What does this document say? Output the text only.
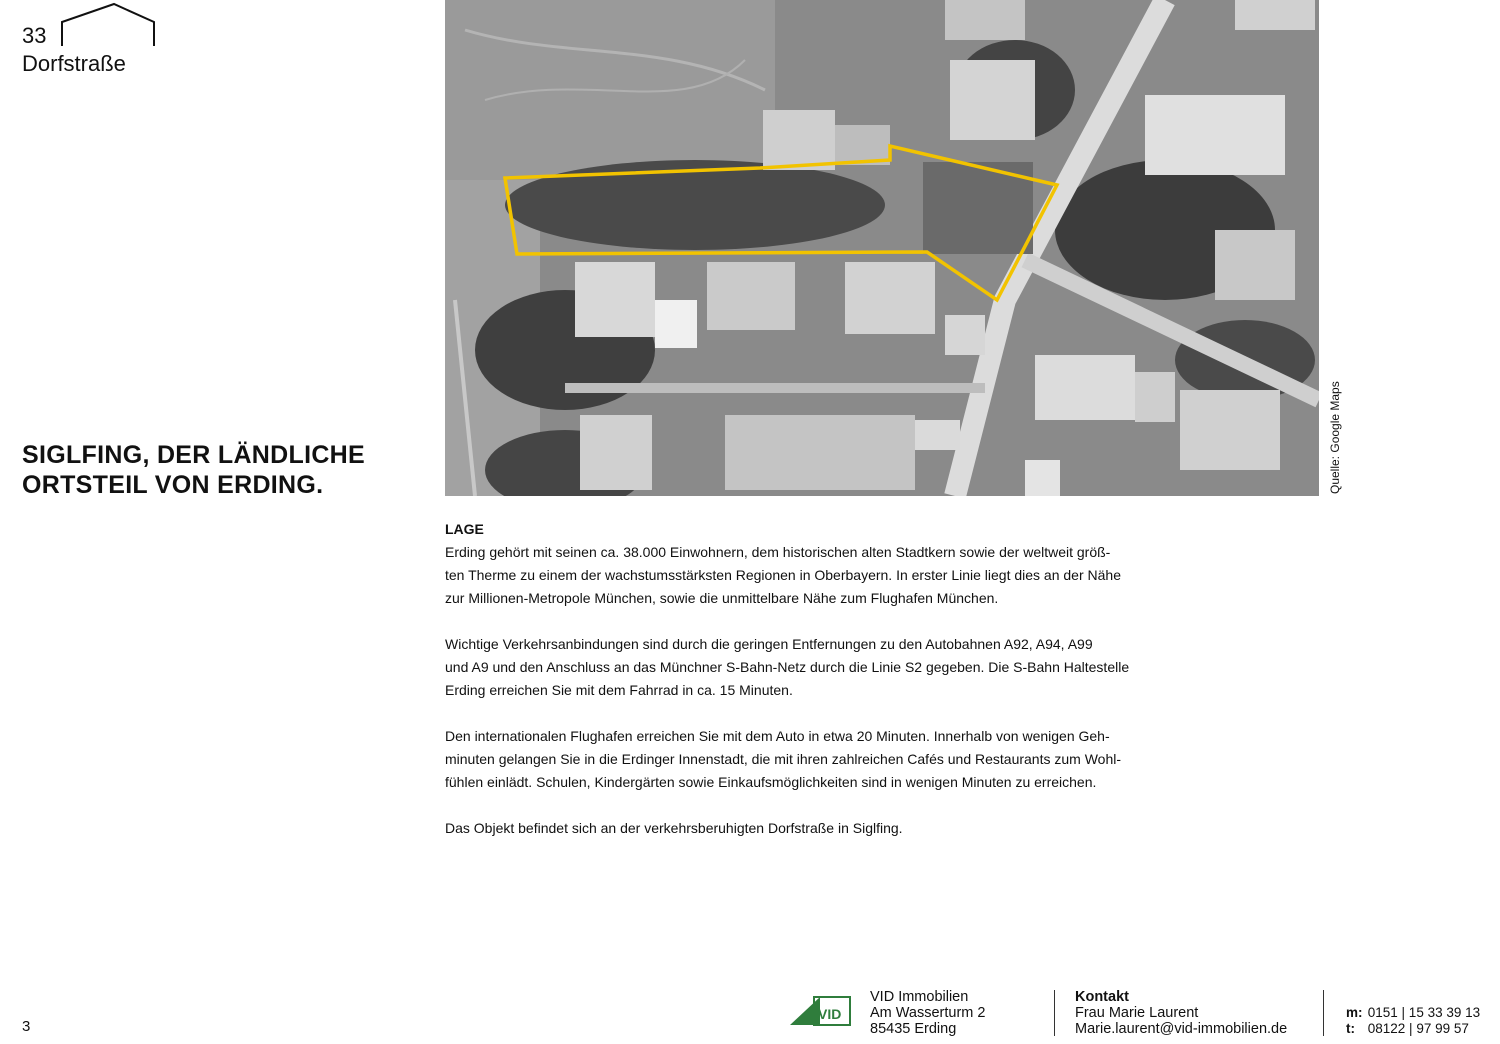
33
Dorfstraße
SIGLFING, DER LÄNDLICHE
ORTSTEIL VON ERDING.	Quelle: Google Maps
LAGE

Erding gehört mit seinen ca. 38.000 Einwohnern, dem historischen alten Stadtkern sowie der weltweit größ-
ten Therme zu einem der wachstumsstärksten Regionen in Oberbayern. In erster Linie liegt dies an der Nähe
zur Millionen-Metropole München, sowie die unmittelbare Nähe zum Flughafen München.

Wichtige Verkehrsanbindungen sind durch die geringen Entfernungen zu den Autobahnen A92, A94, A99
und A9 und den Anschluss an das Münchner S-Bahn-Netz durch die Linie S2 gegeben. Die S-Bahn Haltestelle
Erding erreichen Sie mit dem Fahrrad in ca. 15 Minuten.

Den internationalen Flughafen erreichen Sie mit dem Auto in etwa 20 Minuten. Innerhalb von wenigen Geh-
minuten gelangen Sie in die Erdinger Innenstadt, die mit ihren zahlreichen Cafés und Restaurants zum Wohl-
fühlen einlädt. Schulen, Kindergärten sowie Einkaufsmöglichkeiten sind in wenigen Minuten zu erreichen.

Das Objekt befindet sich an der verkehrsberuhigten Dorfstraße in Siglfing.

3
VID
VID Immobilien
Am Wasserturm 2
85435 Erding
Kontakt
Frau Marie Laurent
Marie.laurent@vid-immobilien.de
m: 0151 | 15 33 39 13
t: 08122 | 97 99 57
